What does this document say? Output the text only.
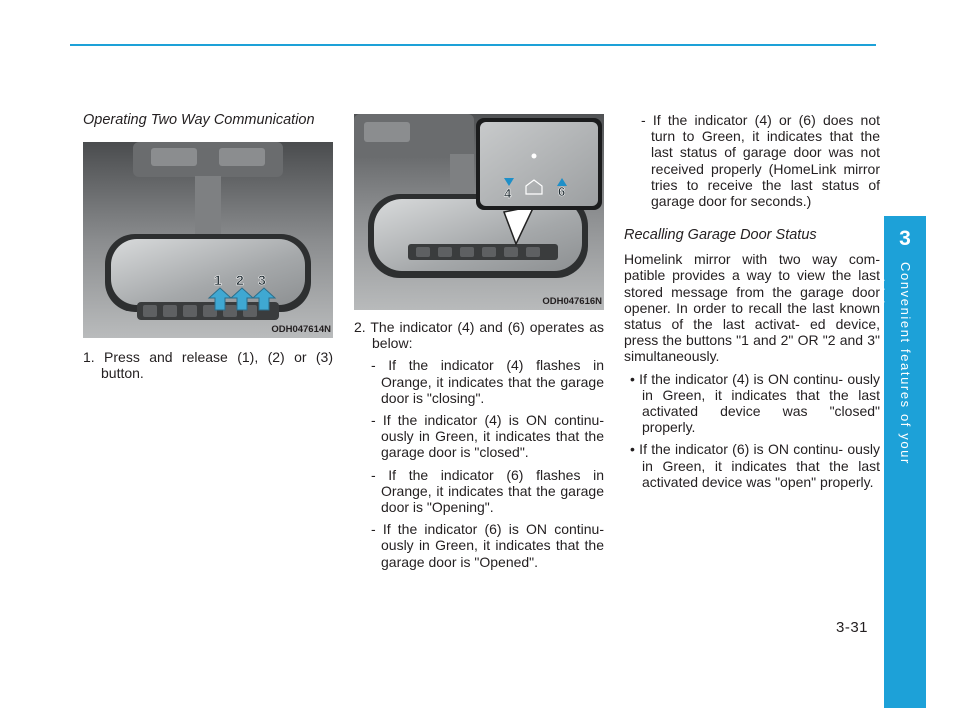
3
Convenient features of your vehicle
Operating Two Way Communication
1 2 3
ODH047614N

1. Press and release (1), (2) or (3) button.

4	6
ODH047616N

2. The indicator (4) and (6) operates as below:

- If the indicator (4) flashes in Orange, it indicates that the garage door is "closing".

- If the indicator (4) is ON continu- ously in Green, it indicates that the garage door is "closed".

- If the indicator (6) flashes in Orange, it indicates that the garage door is "Opening".

- If the indicator (6) is ON continu- ously in Green, it indicates that the garage door is "Opened".

- If the indicator (4) or (6) does not turn to Green, it indicates that the last status of garage door was not received properly (HomeLink mirror tries to receive the last status of garage door for seconds.)

Recalling Garage Door Status

Homelink mirror with two way com- patible provides a way to view the last stored message from the garage door opener. In order to recall the last known status of the last activat- ed device, press the buttons "1 and 2" OR "2 and 3" simultaneously.

• If the indicator (4) is ON continu- ously in Green, it indicates that the last activated device was "closed" properly.

• If the indicator (6) is ON continu- ously in Green, it indicates that the last activated device was "open" properly.

3-31
